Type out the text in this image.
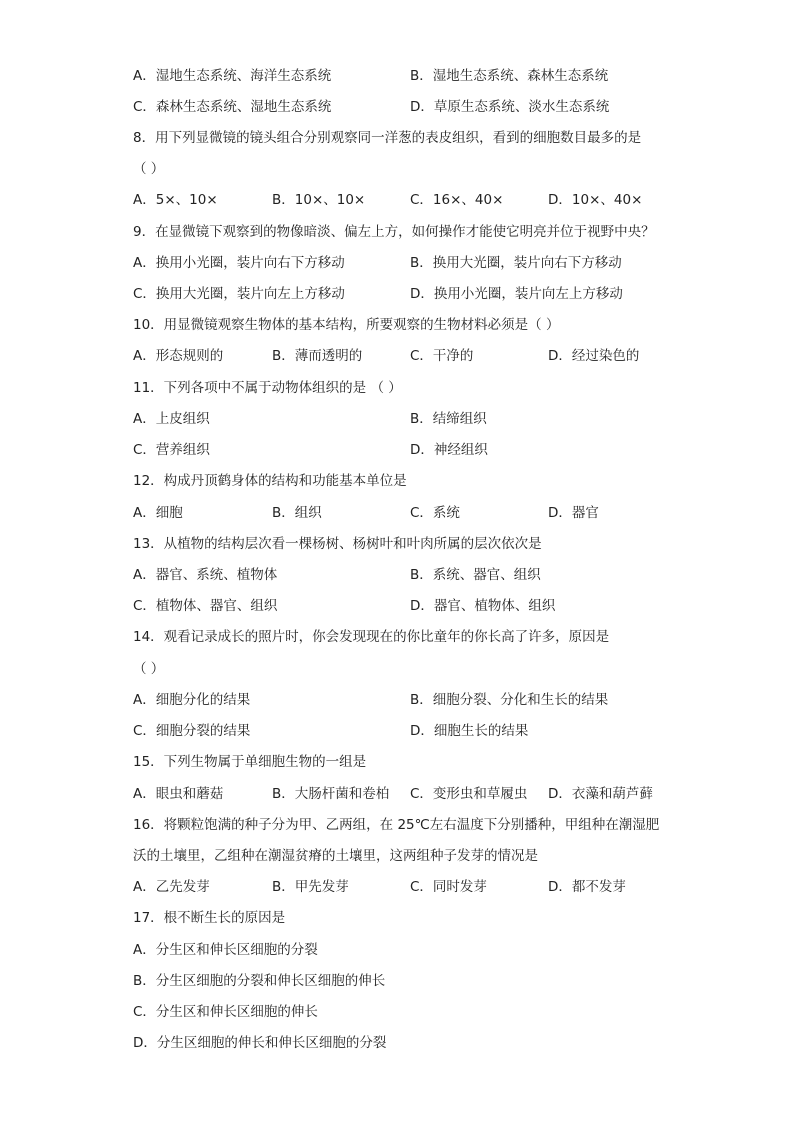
A．湿地生态系统、海洋生态系统	B．湿地生态系统、森林生态系统
C．森林生态系统、湿地生态系统	D．草原生态系统、淡水生态系统
8．用下列显微镜的镜头组合分别观察同一洋葱的表皮组织，看到的细胞数目最多的是
（ ）
A．5×、10×	B．10×、10×	C．16×、40×	D．10×、40×
9．在显微镜下观察到的物像暗淡、偏左上方，如何操作才能使它明亮并位于视野中央？
A．换用小光圈，装片向右下方移动	B．换用大光圈，装片向右下方移动
C．换用大光圈，装片向左上方移动	D．换用小光圈，装片向左上方移动
10．用显微镜观察生物体的基本结构，所要观察的生物材料必须是（ ）
A．形态规则的	B．薄而透明的	C．干净的	D．经过染色的
11．下列各项中不属于动物体组织的是 （ ）
A．上皮组织	B．结缔组织
C．营养组织	D．神经组织
12．构成丹顶鹤身体的结构和功能基本单位是
A．细胞	B．组织	C．系统	D．器官
13．从植物的结构层次看一棵杨树、杨树叶和叶肉所属的层次依次是
A．器官、系统、植物体	B．系统、器官、组织
C．植物体、器官、组织	D．器官、植物体、组织
14．观看记录成长的照片时，你会发现现在的你比童年的你长高了许多，原因是
（ ）
A．细胞分化的结果	B．细胞分裂、分化和生长的结果
C．细胞分裂的结果	D．细胞生长的结果
15．下列生物属于单细胞生物的一组是
A．眼虫和蘑菇	B．大肠杆菌和卷柏 C．变形虫和草履虫 D．衣藻和葫芦藓
16．将颗粒饱满的种子分为甲、乙两组，在 25℃左右温度下分别播种，甲组种在潮湿肥
沃的土壤里，乙组种在潮湿贫瘠的土壤里，这两组种子发芽的情况是
A．乙先发芽	B．甲先发芽	C．同时发芽	D．都不发芽
17．根不断生长的原因是
A．分生区和伸长区细胞的分裂
B．分生区细胞的分裂和伸长区细胞的伸长
C．分生区和伸长区细胞的伸长
D．分生区细胞的伸长和伸长区细胞的分裂
